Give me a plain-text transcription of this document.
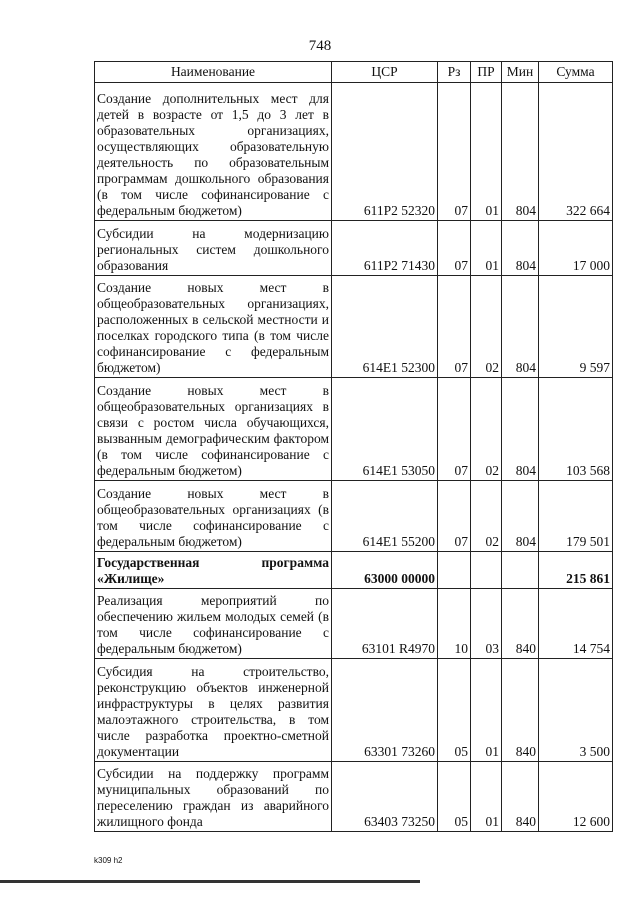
748
Наименование	ЦСР	Рз	ПР	Мин	Сумма
Создание дополнительных мест для детей в возрасте от 1,5 до 3 лет в образовательных организациях, осуществляющих образовательную деятельность по образовательным программам дошкольного образования (в том числе софинансирование с федеральным бюджетом)	611P2 52320	07	01	804	322 664
Субсидии на модернизацию региональных систем дошкольного образования	611P2 71430	07	01	804	17 000
Создание новых мест в общеобразовательных организациях, расположенных в сельской местности и поселках городского типа (в том числе софинансирование с федеральным бюджетом)	614E1 52300	07	02	804	9 597
Создание новых мест в общеобразовательных организациях в связи с ростом числа обучающихся, вызванным демографическим фактором (в том числе софинансирование с федеральным бюджетом)	614E1 53050	07	02	804	103 568
Создание новых мест в общеобразовательных организациях (в том числе софинансирование с федеральным бюджетом)	614E1 55200	07	02	804	179 501
Государственная программа «Жилище»	63000 00000				215 861
Реализация мероприятий по обеспечению жильем молодых семей (в том числе софинансирование с федеральным бюджетом)	63101 R4970	10	03	840	14 754
Субсидия на строительство, реконструкцию объектов инженерной инфраструктуры в целях развития малоэтажного строительства, в том числе разработка проектно-сметной документации	63301 73260	05	01	840	3 500
Субсидии на поддержку программ муниципальных образований по переселению граждан из аварийного жилищного фонда	63403 73250	05	01	840	12 600
k309 h2
